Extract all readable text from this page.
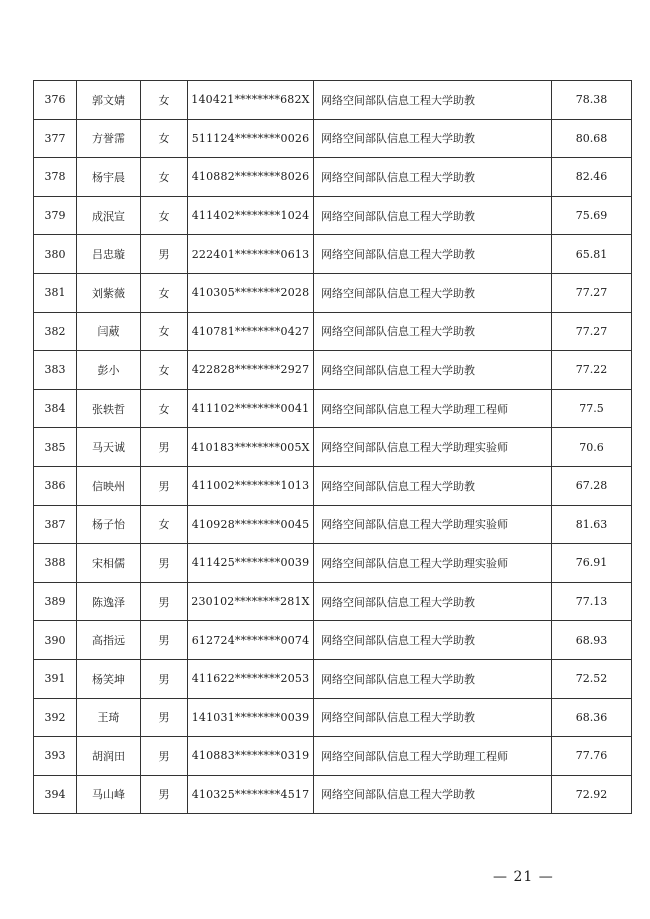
376	郭文婧	女	140421********682X	网络空间部队信息工程大学助教	78.38
377	方誉霈	女	511124********0026	网络空间部队信息工程大学助教	80.68
378	杨宇晨	女	410882********8026	网络空间部队信息工程大学助教	82.46
379	成泯宣	女	411402********1024	网络空间部队信息工程大学助教	75.69
380	吕忠璇	男	222401********0613	网络空间部队信息工程大学助教	65.81
381	刘紫薇	女	410305********2028	网络空间部队信息工程大学助教	77.27
382	闫葳	女	410781********0427	网络空间部队信息工程大学助教	77.27
383	彭小	女	422828********2927	网络空间部队信息工程大学助教	77.22
384	张轶哲	女	411102********0041	网络空间部队信息工程大学助理工程师	77.5
385	马天诚	男	410183********005X	网络空间部队信息工程大学助理实验师	70.6
386	信映州	男	411002********1013	网络空间部队信息工程大学助教	67.28
387	杨子怡	女	410928********0045	网络空间部队信息工程大学助理实验师	81.63
388	宋相儒	男	411425********0039	网络空间部队信息工程大学助理实验师	76.91
389	陈逸泽	男	230102********281X	网络空间部队信息工程大学助教	77.13
390	高指远	男	612724********0074	网络空间部队信息工程大学助教	68.93
391	杨笑坤	男	411622********2053	网络空间部队信息工程大学助教	72.52
392	王琦	男	141031********0039	网络空间部队信息工程大学助教	68.36
393	胡润田	男	410883********0319	网络空间部队信息工程大学助理工程师	77.76
394	马山峰	男	410325********4517	网络空间部队信息工程大学助教	72.92
— 21 —
